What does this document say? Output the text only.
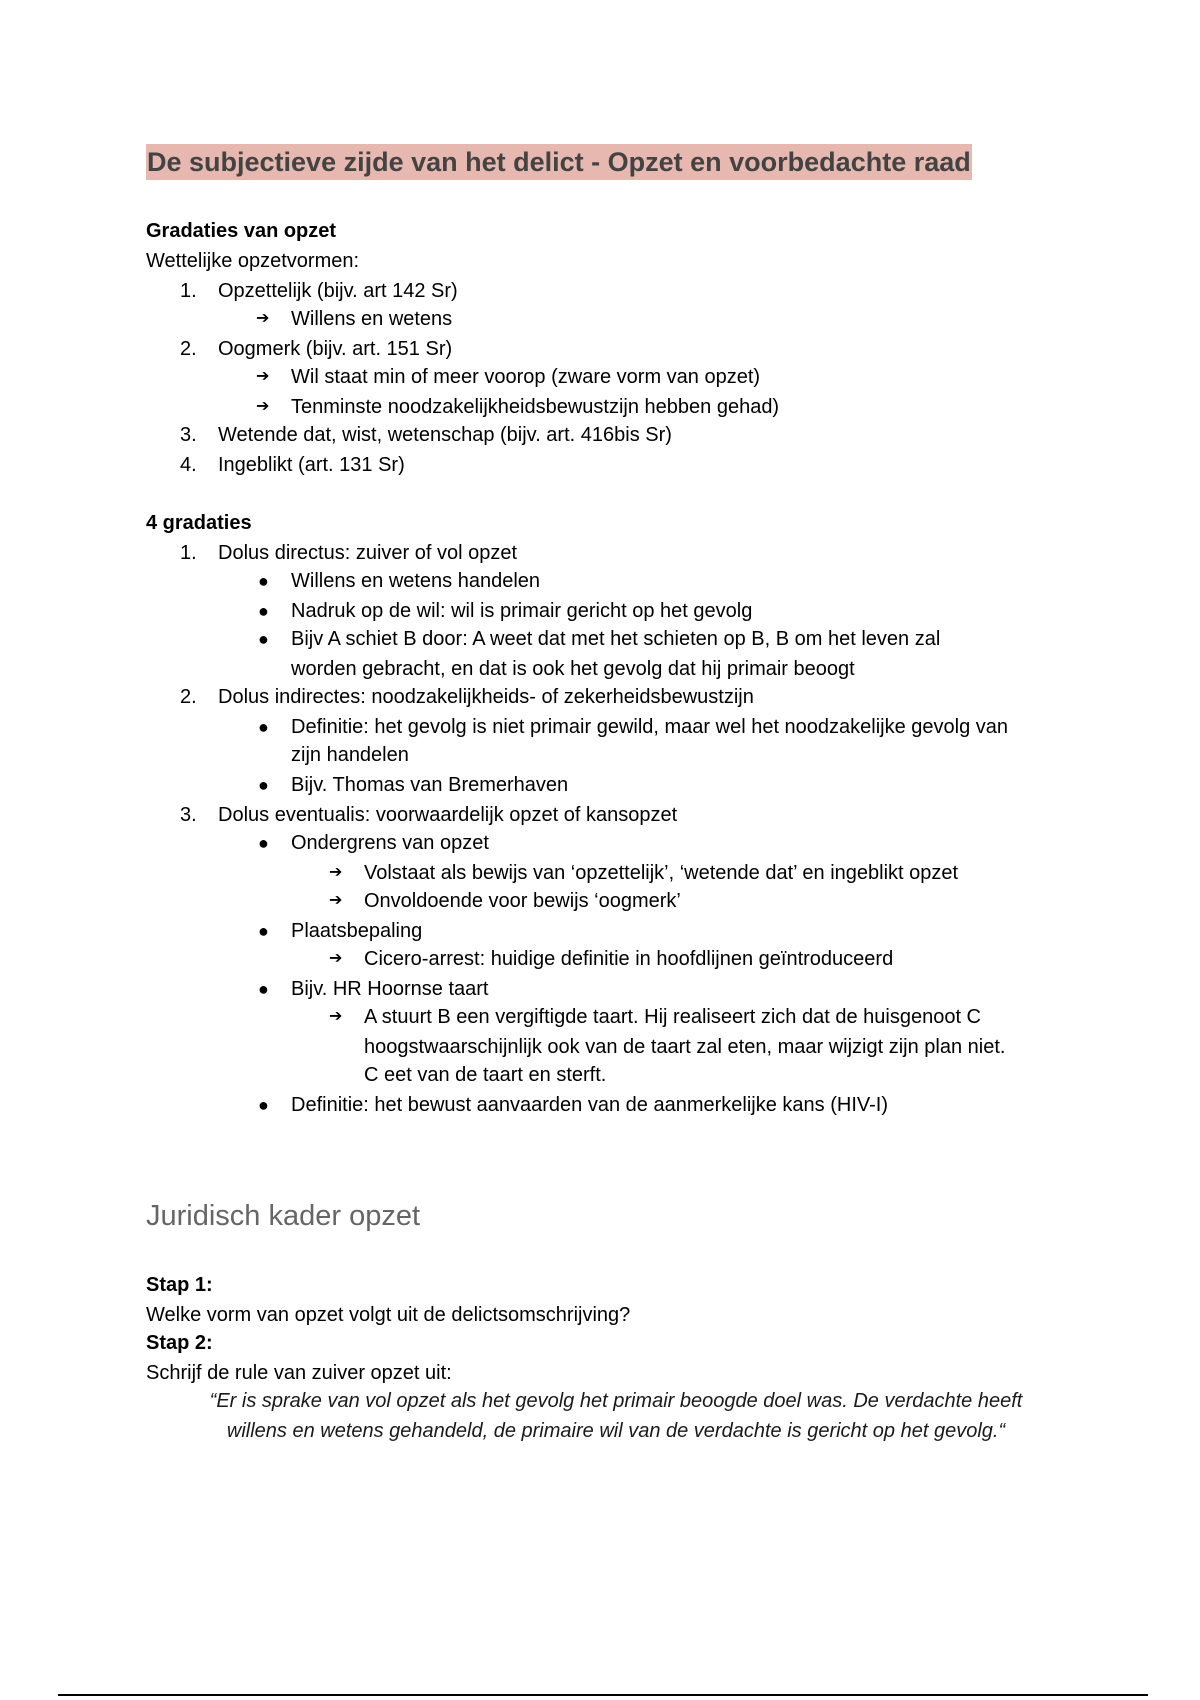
De subjectieve zijde van het delict - Opzet en voorbedachte raad
Gradaties van opzet
Wettelijke opzetvormen:
1.	Opzettelijk (bijv. art 142 Sr)
➔ Willens en wetens
2.	Oogmerk (bijv. art. 151 Sr)
➔ Wil staat min of meer voorop (zware vorm van opzet)
➔ Tenminste noodzakelijkheidsbewustzijn hebben gehad)
3.	Wetende dat, wist, wetenschap (bijv. art. 416bis Sr)
4.	Ingeblikt (art. 131 Sr)
4 gradaties
1.	Dolus directus: zuiver of vol opzet
● Willens en wetens handelen
● Nadruk op de wil: wil is primair gericht op het gevolg
● Bijv A schiet B door: A weet dat met het schieten op B, B om het leven zal
worden gebracht, en dat is ook het gevolg dat hij primair beoogt
2.	Dolus indirectes: noodzakelijkheids- of zekerheidsbewustzijn
● Definitie: het gevolg is niet primair gewild, maar wel het noodzakelijke gevolg van
zijn handelen
● Bijv. Thomas van Bremerhaven
3.	Dolus eventualis: voorwaardelijk opzet of kansopzet
● Ondergrens van opzet
➔ Volstaat als bewijs van ‘opzettelijk’, ‘wetende dat’ en ingeblikt opzet
➔ Onvoldoende voor bewijs ‘oogmerk’
● Plaatsbepaling
➔ Cicero-arrest: huidige definitie in hoofdlijnen geïntroduceerd
● Bijv. HR Hoornse taart
➔ A stuurt B een vergiftigde taart. Hij realiseert zich dat de huisgenoot C
hoogstwaarschijnlijk ook van de taart zal eten, maar wijzigt zijn plan niet.
C eet van de taart en sterft.
● Definitie: het bewust aanvaarden van de aanmerkelijke kans (HIV-I)
Juridisch kader opzet
Stap 1:
Welke vorm van opzet volgt uit de delictsomschrijving?
Stap 2:
Schrijf de rule van zuiver opzet uit:
“Er is sprake van vol opzet als het gevolg het primair beoogde doel was. De verdachte heeft
willens en wetens gehandeld, de primaire wil van de verdachte is gericht op het gevolg.“
